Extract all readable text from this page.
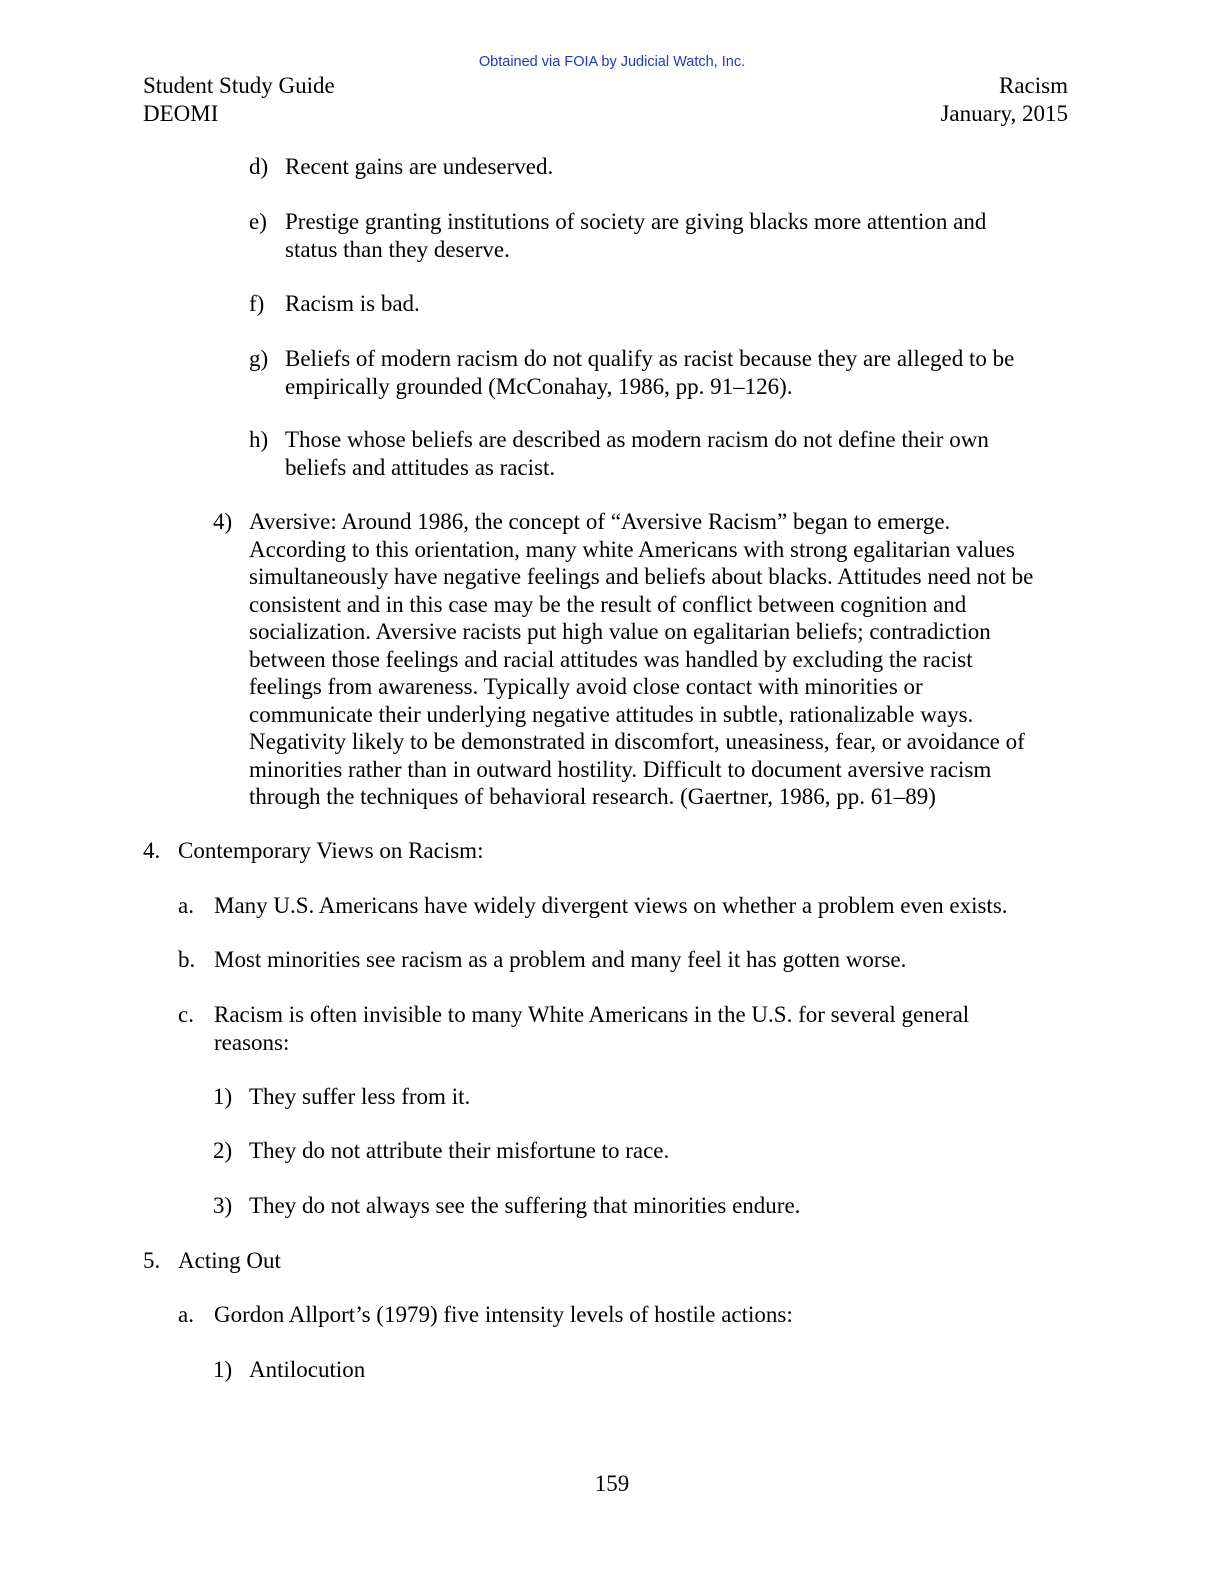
Obtained via FOIA by Judicial Watch, Inc.
Student Study Guide
DEOMI
Racism
January, 2015
d) Recent gains are undeserved.
e) Prestige granting institutions of society are giving blacks more attention and
status than they deserve.
f) Racism is bad.
g) Beliefs of modern racism do not qualify as racist because they are alleged to be
empirically grounded (McConahay, 1986, pp. 91–126).
h) Those whose beliefs are described as modern racism do not define their own
beliefs and attitudes as racist.
4) Aversive: Around 1986, the concept of “Aversive Racism” began to emerge.
According to this orientation, many white Americans with strong egalitarian values
simultaneously have negative feelings and beliefs about blacks. Attitudes need not be
consistent and in this case may be the result of conflict between cognition and
socialization. Aversive racists put high value on egalitarian beliefs; contradiction
between those feelings and racial attitudes was handled by excluding the racist
feelings from awareness. Typically avoid close contact with minorities or
communicate their underlying negative attitudes in subtle, rationalizable ways.
Negativity likely to be demonstrated in discomfort, uneasiness, fear, or avoidance of
minorities rather than in outward hostility. Difficult to document aversive racism
through the techniques of behavioral research. (Gaertner, 1986, pp. 61–89)
4. Contemporary Views on Racism:
a. Many U.S. Americans have widely divergent views on whether a problem even exists.
b. Most minorities see racism as a problem and many feel it has gotten worse.
c. Racism is often invisible to many White Americans in the U.S. for several general
reasons:
1) They suffer less from it.
2) They do not attribute their misfortune to race.
3) They do not always see the suffering that minorities endure.
5. Acting Out
a. Gordon Allport’s (1979) five intensity levels of hostile actions:
1) Antilocution
159
